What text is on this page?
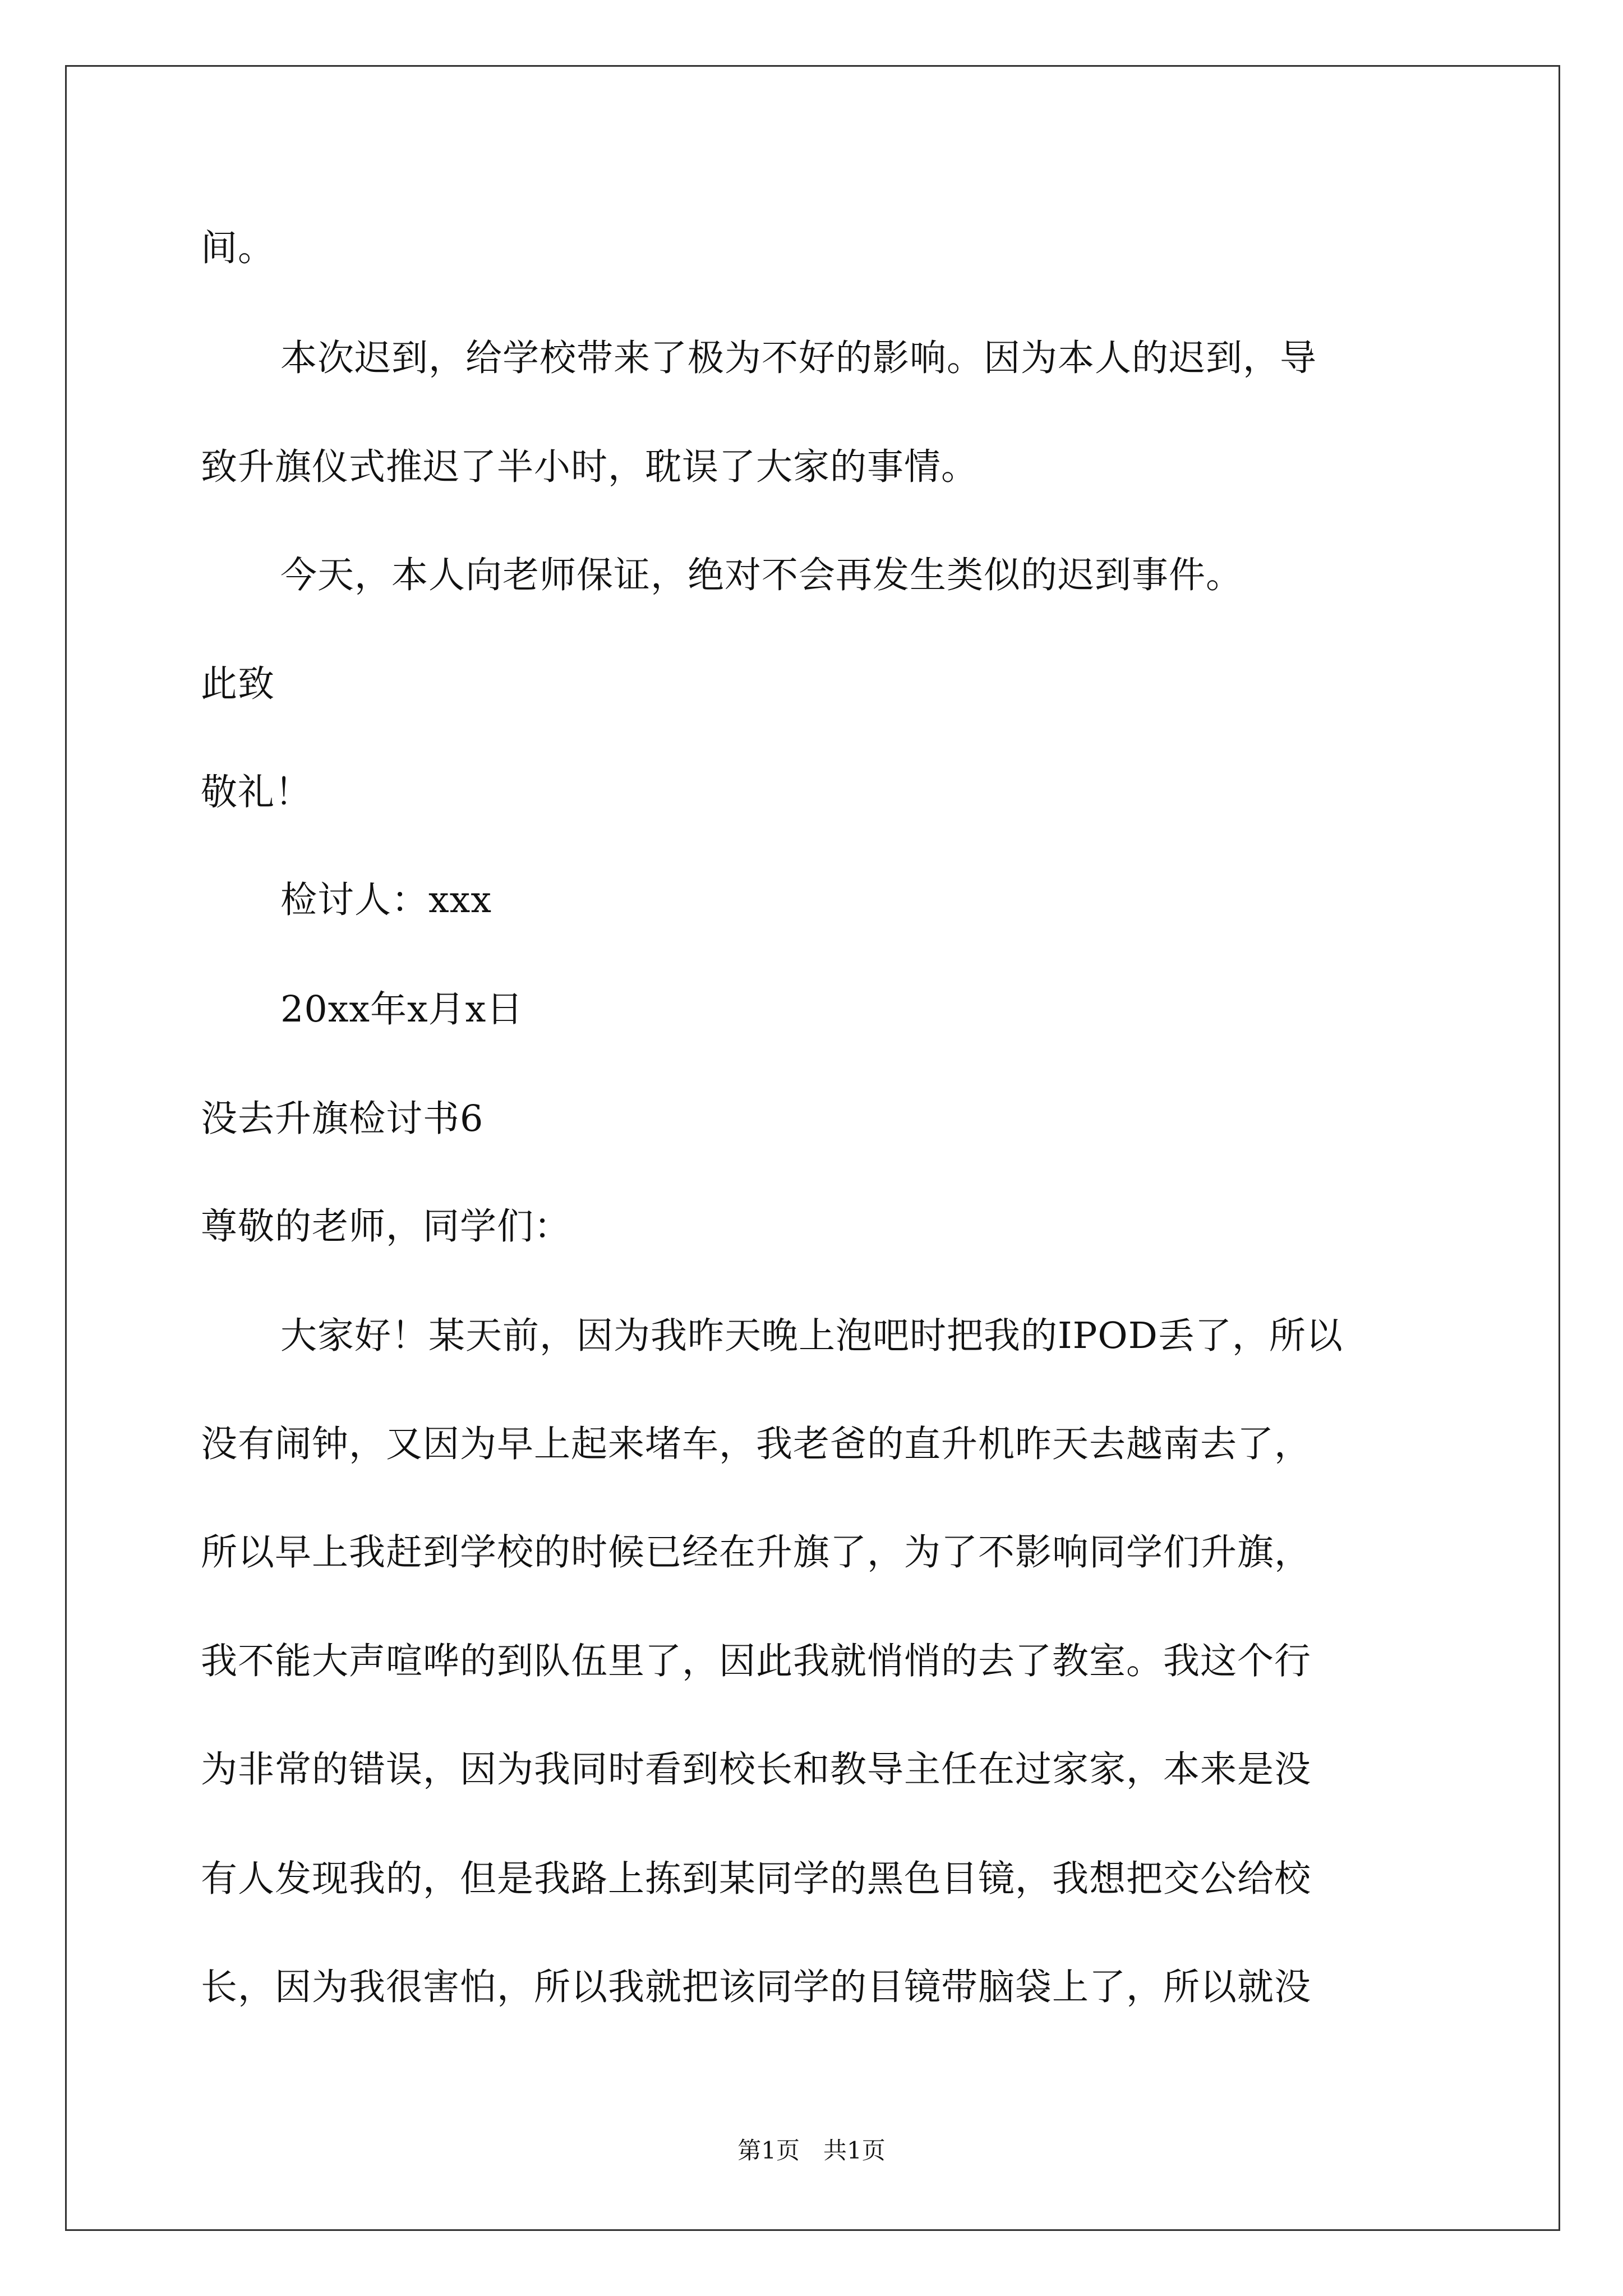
间。
本次迟到，给学校带来了极为不好的影响。因为本人的迟到，导
致升旗仪式推迟了半小时，耽误了大家的事情。
今天，本人向老师保证，绝对不会再发生类似的迟到事件。
此致
敬礼！
检讨人：xxx
20xx年x月x日
没去升旗检讨书6
尊敬的老师，同学们：
大家好！某天前，因为我昨天晚上泡吧时把我的IPOD丢了，所以
没有闹钟，又因为早上起来堵车，我老爸的直升机昨天去越南去了，
所以早上我赶到学校的时候已经在升旗了，为了不影响同学们升旗，
我不能大声喧哗的到队伍里了，因此我就悄悄的去了教室。我这个行
为非常的错误，因为我同时看到校长和教导主任在过家家，本来是没
有人发现我的，但是我路上拣到某同学的黑色目镜，我想把交公给校
长，因为我很害怕，所以我就把该同学的目镜带脑袋上了，所以就没
第1页　共1页
